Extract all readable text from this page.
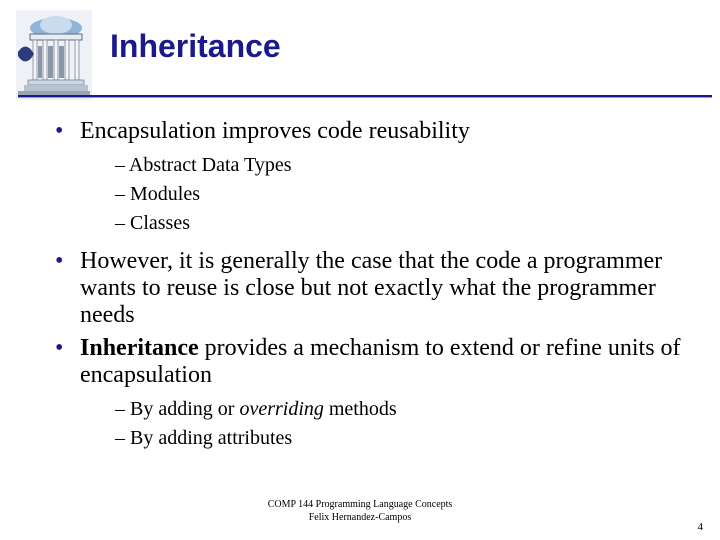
Inheritance
• Encapsulation improves code reusability
– Abstract Data Types
– Modules
– Classes
• However, it is generally the case that the code a programmer wants to reuse is close but not exactly what the programmer needs
• Inheritance provides a mechanism to extend or refine units of encapsulation
– By adding or overriding methods
– By adding attributes
COMP 144 Programming Language Concepts
Felix Hernandez-Campos
4
